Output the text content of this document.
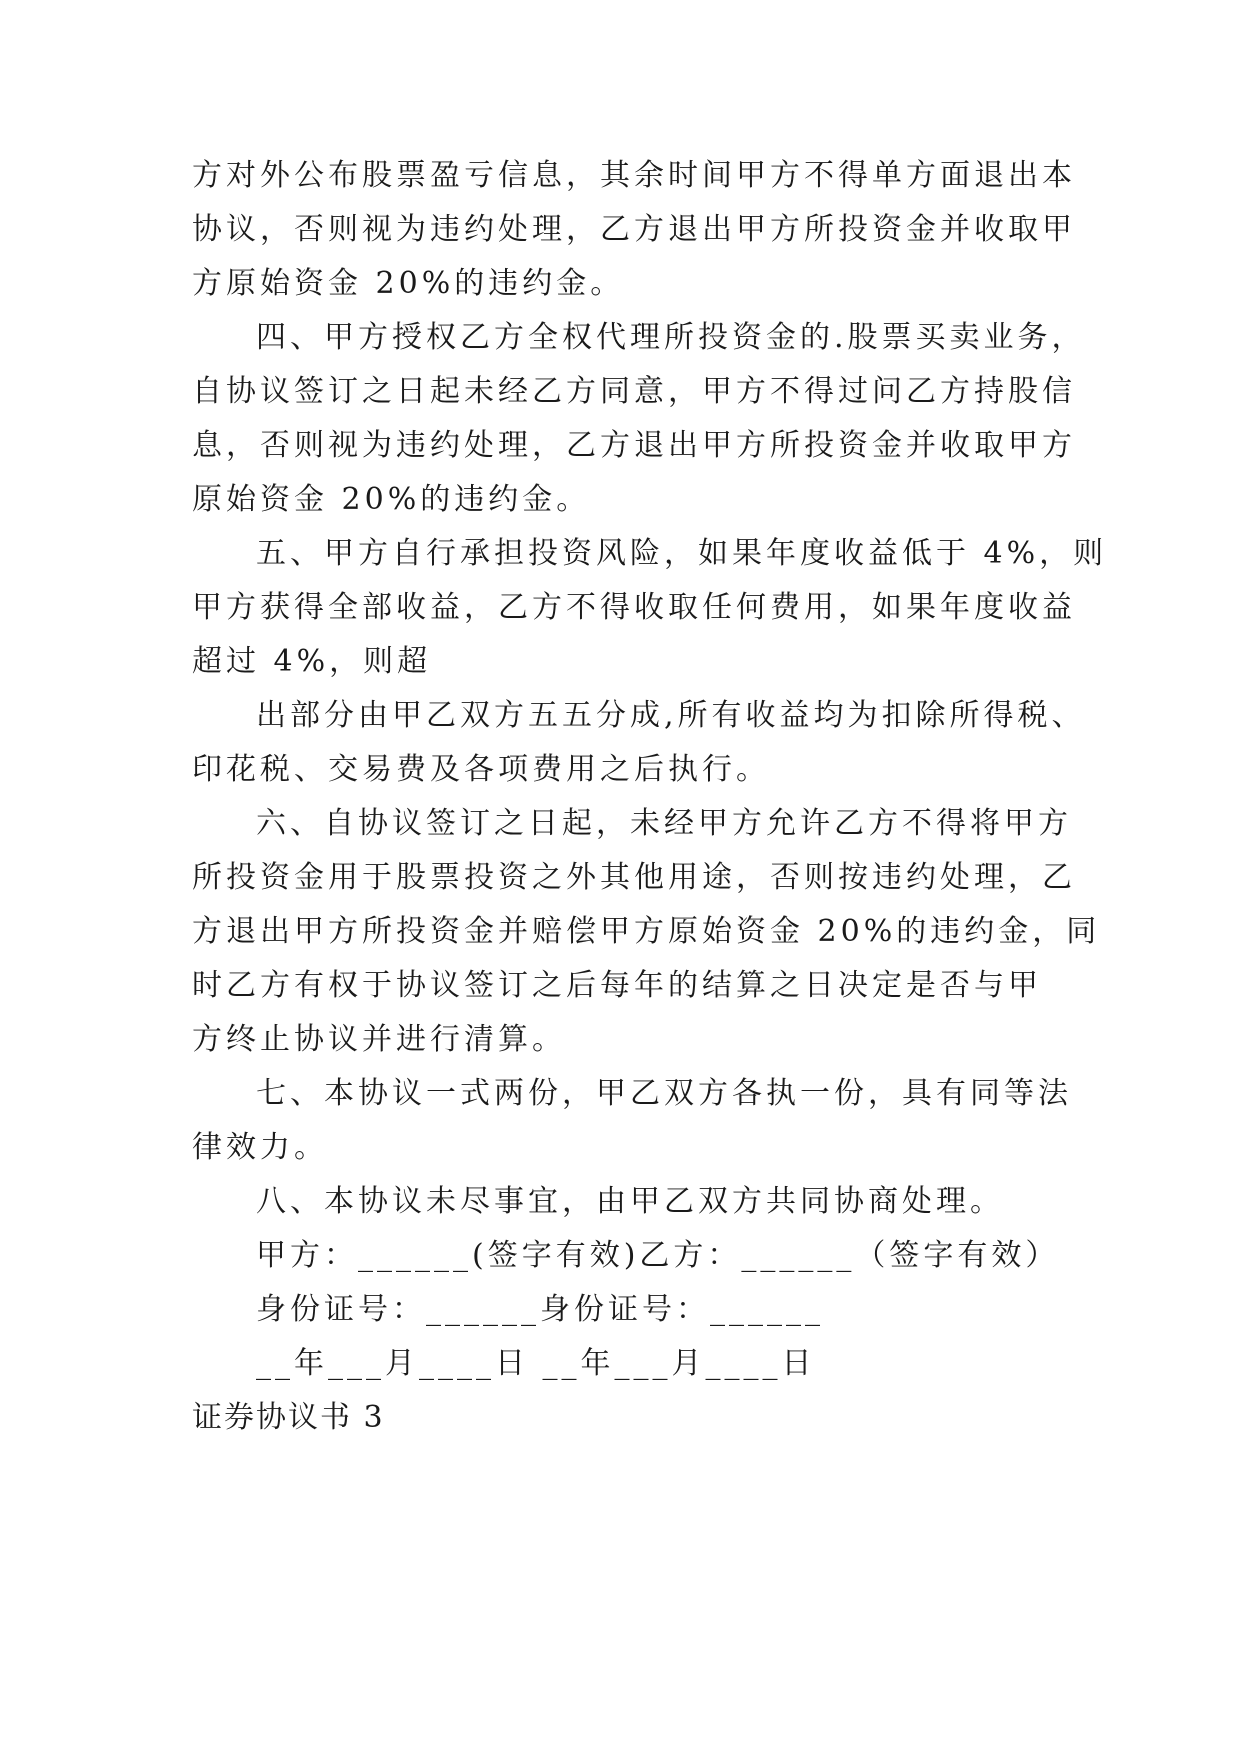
方对外公布股票盈亏信息，其余时间甲方不得单方面退出本
协议，否则视为违约处理，乙方退出甲方所投资金并收取甲
方原始资金 20%的违约金。
四、甲方授权乙方全权代理所投资金的.股票买卖业务，
自协议签订之日起未经乙方同意，甲方不得过问乙方持股信
息，否则视为违约处理，乙方退出甲方所投资金并收取甲方
原始资金 20%的违约金。
五、甲方自行承担投资风险，如果年度收益低于 4%，则
甲方获得全部收益，乙方不得收取任何费用，如果年度收益
超过 4%，则超
出部分由甲乙双方五五分成,所有收益均为扣除所得税、
印花税、交易费及各项费用之后执行。
六、自协议签订之日起，未经甲方允许乙方不得将甲方
所投资金用于股票投资之外其他用途，否则按违约处理，乙
方退出甲方所投资金并赔偿甲方原始资金 20%的违约金，同
时乙方有权于协议签订之后每年的结算之日决定是否与甲
方终止协议并进行清算。
七、本协议一式两份，甲乙双方各执一份，具有同等法
律效力。
八、本协议未尽事宜，由甲乙双方共同协商处理。
甲方：______(签字有效)乙方：______（签字有效）
身份证号：______身份证号：______
__年___月____日 __年___月____日
证券协议书 3
